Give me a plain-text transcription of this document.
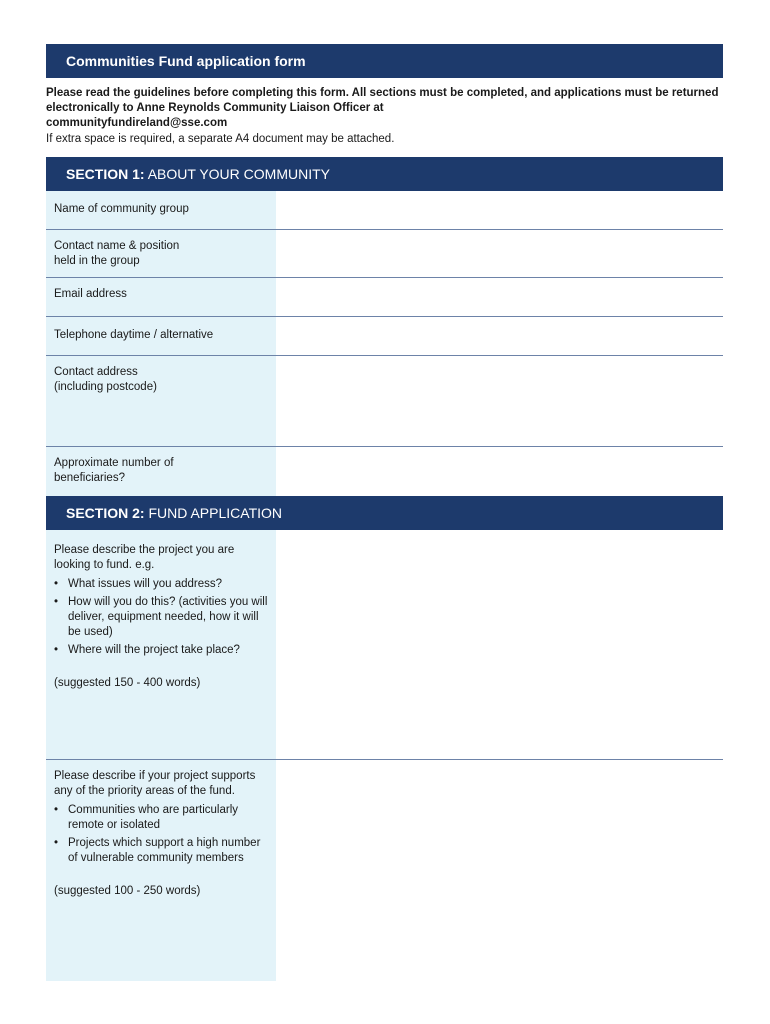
Communities Fund application form
Please read the guidelines before completing this form. All sections must be completed, and applications must be returned electronically to Anne Reynolds Community Liaison Officer at
communityfundireland@sse.com
If extra space is required, a separate A4 document may be attached.
SECTION 1: ABOUT YOUR COMMUNITY
Name of community group
Contact name & position
held in the group
Email address
Telephone daytime / alternative
Contact address
(including postcode)
Approximate number of
beneficiaries?
SECTION 2: FUND APPLICATION
Please describe the project you are looking to fund. e.g.
• What issues will you address?
• How will you do this? (activities you will deliver, equipment needed, how it will be used)
• Where will the project take place?
(suggested 150 - 400 words)
Please describe if your project supports any of the priority areas of the fund.
• Communities who are particularly remote or isolated
• Projects which support a high number of vulnerable community members
(suggested 100 - 250 words)
